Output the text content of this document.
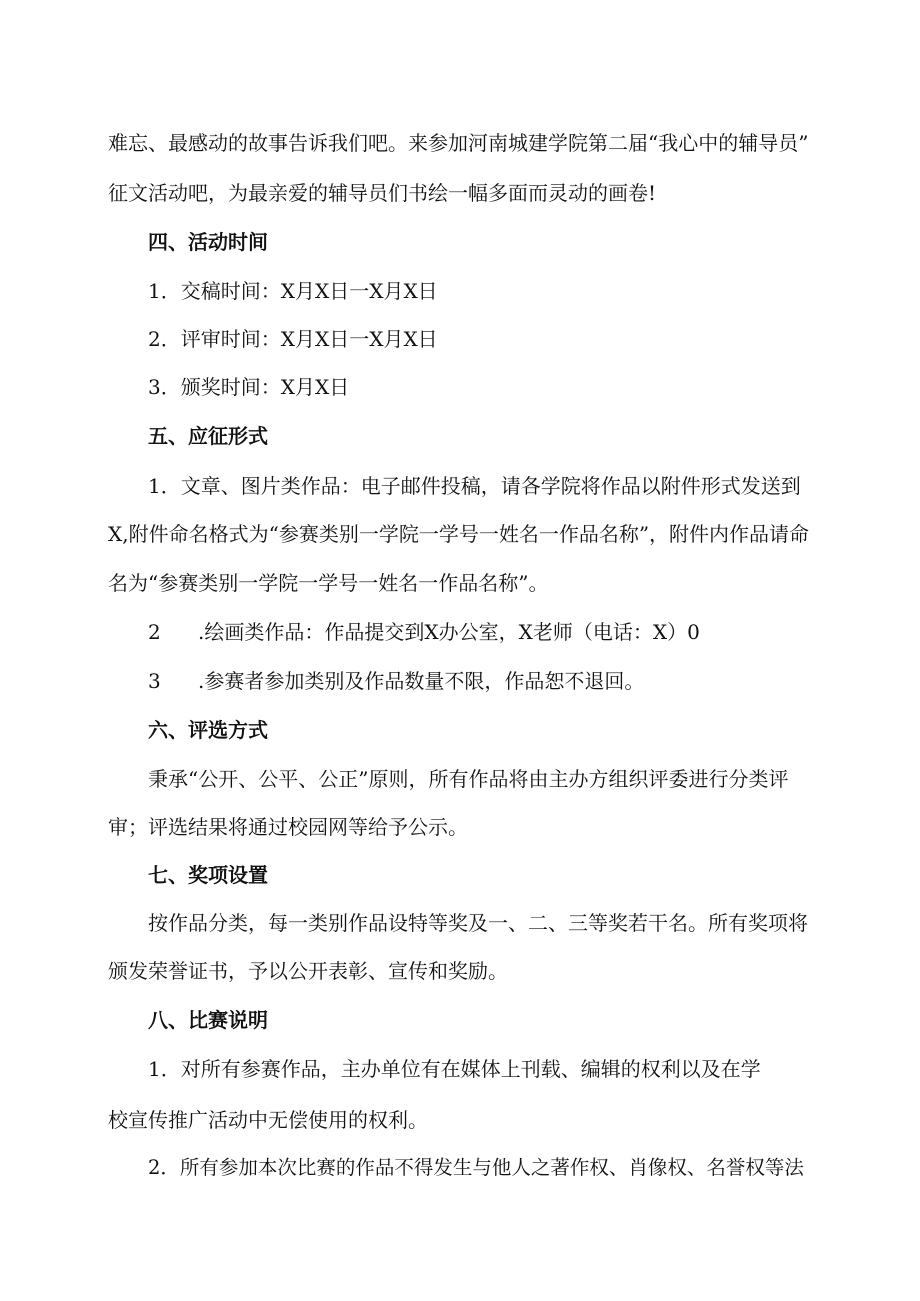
难忘、最感动的故事告诉我们吧。来参加河南城建学院第二届“我心中的辅导员”
征文活动吧，为最亲爱的辅导员们书绘一幅多面而灵动的画卷!
四、活动时间
1．交稿时间：X月X日一X月X日
2．评审时间：X月X日一X月X日
3．颁奖时间：X月X日
五、应征形式
1．文章、图片类作品：电子邮件投稿，请各学院将作品以附件形式发送到
X,附件命名格式为“参赛类别一学院一学号一姓名一作品名称”，附件内作品请命
名为“参赛类别一学院一学号一姓名一作品名称”。
2 .绘画类作品：作品提交到X办公室，X老师（电话：X）0
3 .参赛者参加类别及作品数量不限，作品恕不退回。
六、评选方式
秉承“公开、公平、公正”原则，所有作品将由主办方组织评委进行分类评
审；评选结果将通过校园网等给予公示。
七、奖项设置
按作品分类，每一类别作品设特等奖及一、二、三等奖若干名。所有奖项将
颁发荣誉证书，予以公开表彰、宣传和奖励。
八、比赛说明
1．对所有参赛作品，主办单位有在媒体上刊载、编辑的权利以及在学
校宣传推广活动中无偿使用的权利。
2．所有参加本次比赛的作品不得发生与他人之著作权、肖像权、名誉权等法
